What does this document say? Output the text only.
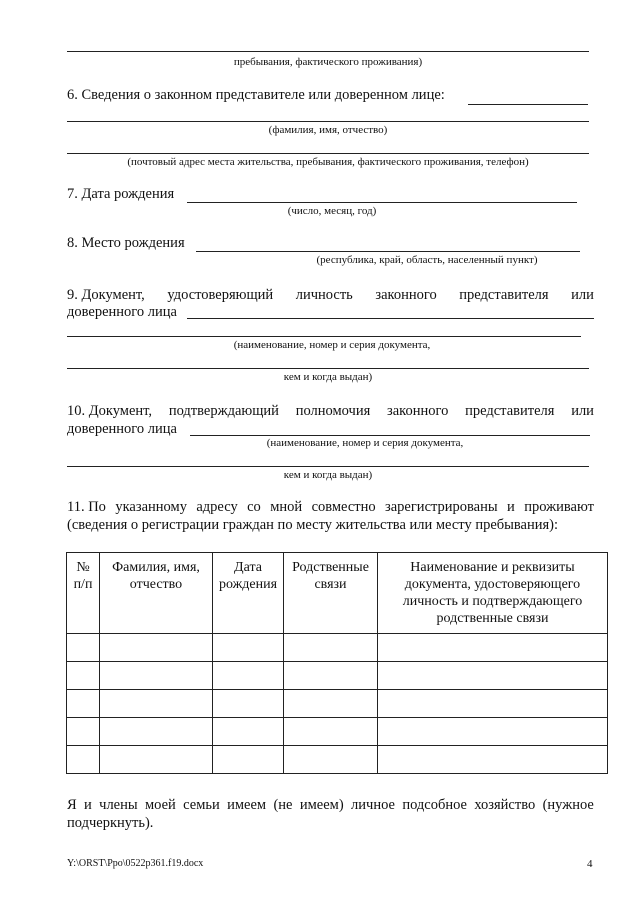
пребывания, фактического проживания)
6. Сведения о законном представителе или доверенном лице:
(фамилия, имя, отчество)
(почтовый адрес места жительства, пребывания, фактического проживания, телефон)
7. Дата рождения
(число, месяц, год)
8. Место рождения
(республика, край, область, населенный пункт)
9. Документ, удостоверяющий личность законного представителя или
доверенного лица
(наименование, номер и серия документа,
кем и когда выдан)
10. Документ, подтверждающий полномочия законного представителя или
доверенного лица
(наименование, номер и серия документа,
кем и когда выдан)
11. По указанному адресу со мной совместно зарегистрированы и проживают
(сведения о регистрации граждан по месту жительства или месту пребывания):
№ п/п	Фамилия, имя, отчество	Дата рождения	Родственные связи	Наименование и реквизиты документа, удостоверяющего личность и подтверждающего родственные связи

Я и члены моей семьи имеем (не имеем) личное подсобное хозяйство (нужное
подчеркнуть).
Y:\ORST\Ppo\0522p361.f19.docx	4
